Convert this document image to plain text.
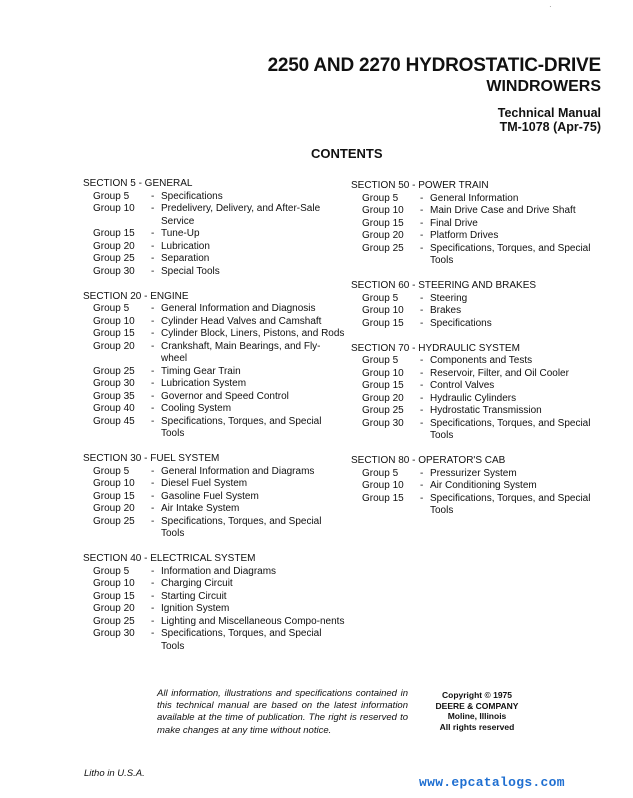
·
2250 AND 2270 HYDROSTATIC-DRIVE
WINDROWERS
Technical Manual
TM-1078 (Apr-75)
CONTENTS
SECTION 5 - GENERAL
Group 5	- Specifications
Group 10	- Predelivery, Delivery, and After-Sale Service
Group 15	- Tune-Up
Group 20	- Lubrication
Group 25	- Separation
Group 30	- Special Tools
SECTION 20 - ENGINE
Group 5	- General Information and Diagnosis
Group 10	- Cylinder Head Valves and Camshaft
Group 15	- Cylinder Block, Liners, Pistons, and Rods
Group 20	- Crankshaft, Main Bearings, and Fly-wheel
Group 25	- Timing Gear Train
Group 30	- Lubrication System
Group 35	- Governor and Speed Control
Group 40	- Cooling System
Group 45	- Specifications, Torques, and Special Tools
SECTION 30 - FUEL SYSTEM
Group 5	- General Information and Diagrams
Group 10	- Diesel Fuel System
Group 15	- Gasoline Fuel System
Group 20	- Air Intake System
Group 25	- Specifications, Torques, and Special Tools
SECTION 40 - ELECTRICAL SYSTEM
Group 5	- Information and Diagrams
Group 10	- Charging Circuit
Group 15	- Starting Circuit
Group 20	- Ignition System
Group 25	- Lighting and Miscellaneous Compo-nents
Group 30	- Specifications, Torques, and Special Tools
SECTION 50 - POWER TRAIN
Group 5	- General Information
Group 10	- Main Drive Case and Drive Shaft
Group 15	- Final Drive
Group 20	- Platform Drives
Group 25	- Specifications, Torques, and Special Tools
SECTION 60 - STEERING AND BRAKES
Group 5	- Steering
Group 10	- Brakes
Group 15	- Specifications
SECTION 70 - HYDRAULIC SYSTEM
Group 5	- Components and Tests
Group 10	- Reservoir, Filter, and Oil Cooler
Group 15	- Control Valves
Group 20	- Hydraulic Cylinders
Group 25	- Hydrostatic Transmission
Group 30	- Specifications, Torques, and Special Tools
SECTION 80 - OPERATOR'S CAB
Group 5	- Pressurizer System
Group 10	- Air Conditioning System
Group 15	- Specifications, Torques, and Special Tools
All information, illustrations and specifications contained in this technical manual are based on the latest information available at the time of publication. The right is reserved to make changes at any time without notice.
Copyright © 1975
DEERE & COMPANY
Moline, Illinois
All rights reserved
Litho in U.S.A.
www.epcatalogs.com
